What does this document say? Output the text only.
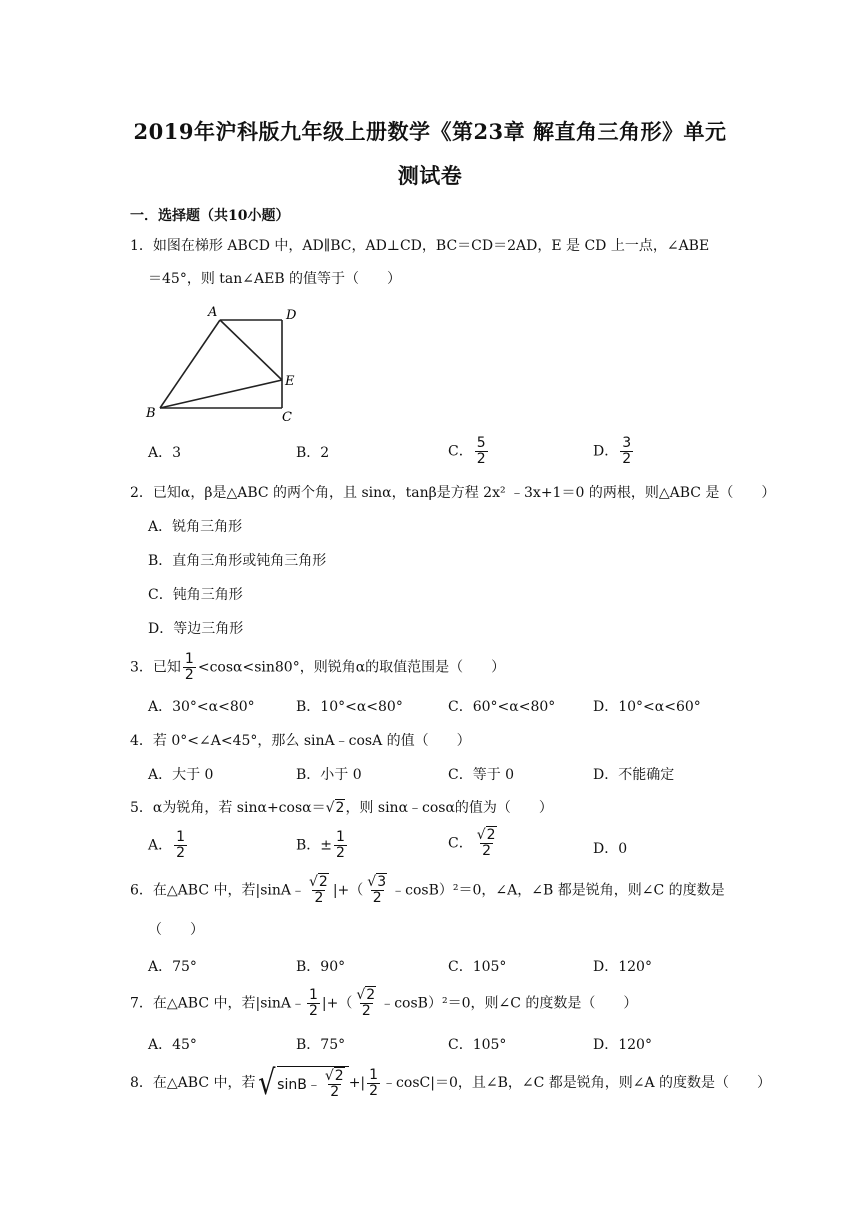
2019年沪科版九年级上册数学《第23章 解直角三角形》单元
测试卷
一．选择题（共10小题）
1．如图在梯形 ABCD 中，AD∥BC，AD⊥CD，BC＝CD＝2AD，E 是 CD 上一点，∠ABE
＝45°，则 tan∠AEB 的值等于（　　）
A	D
E
B	C
A．3	B．2	C． $\frac{5}{2}$	D． $\frac{3}{2}$
2．已知α，β是△ABC 的两个角，且 sinα，tanβ是方程 2x² ﹣3x+1＝0 的两根，则△ABC 是（　　）
A．锐角三角形
B．直角三角形或钝角三角形
C．钝角三角形
D．等边三角形
3．已知 $\frac{1}{2} <\cos\alpha<\sin 80^\circ$，则锐角α的取值范围是（　　）
A．30°<α<80°	B．10°<α<80°	C．60°<α<80°	D．10°<α<60°
4．若 0°<∠A<45°，那么 sinA﹣cosA 的值（　　）
A．大于 0	B．小于 0	C．等于 0	D．不能确定
5．α为锐角，若 sinα+cosα＝√2，则 sinα﹣cosα的值为（　　）
A． $\frac{1}{2}$	B．± $\frac{1}{2}$	C． $\frac{√2}{2}$	D．0
6．在△ABC 中，若|sinA﹣ $\frac{√2}{2}$ |+（ $\frac{√3}{2}$ ﹣cosB）²＝0，∠A，∠B 都是锐角，则∠C 的度数是
（　　）
A．75°	B．90°	C．105°	D．120°
7．在△ABC 中，若|sinA﹣ $\frac{1}{2}$ |+（ $\frac{√2}{2}$ ﹣cosB）²＝0，则∠C 的度数是（　　）
A．45°	B．75°	C．105°	D．120°
8．在△ABC 中，若 √ sinB﹣ $\frac{√2}{2}$ +| $\frac{1}{2}$ ﹣cosC|＝0，且∠B，∠C 都是锐角，则∠A 的度数是（　　）
